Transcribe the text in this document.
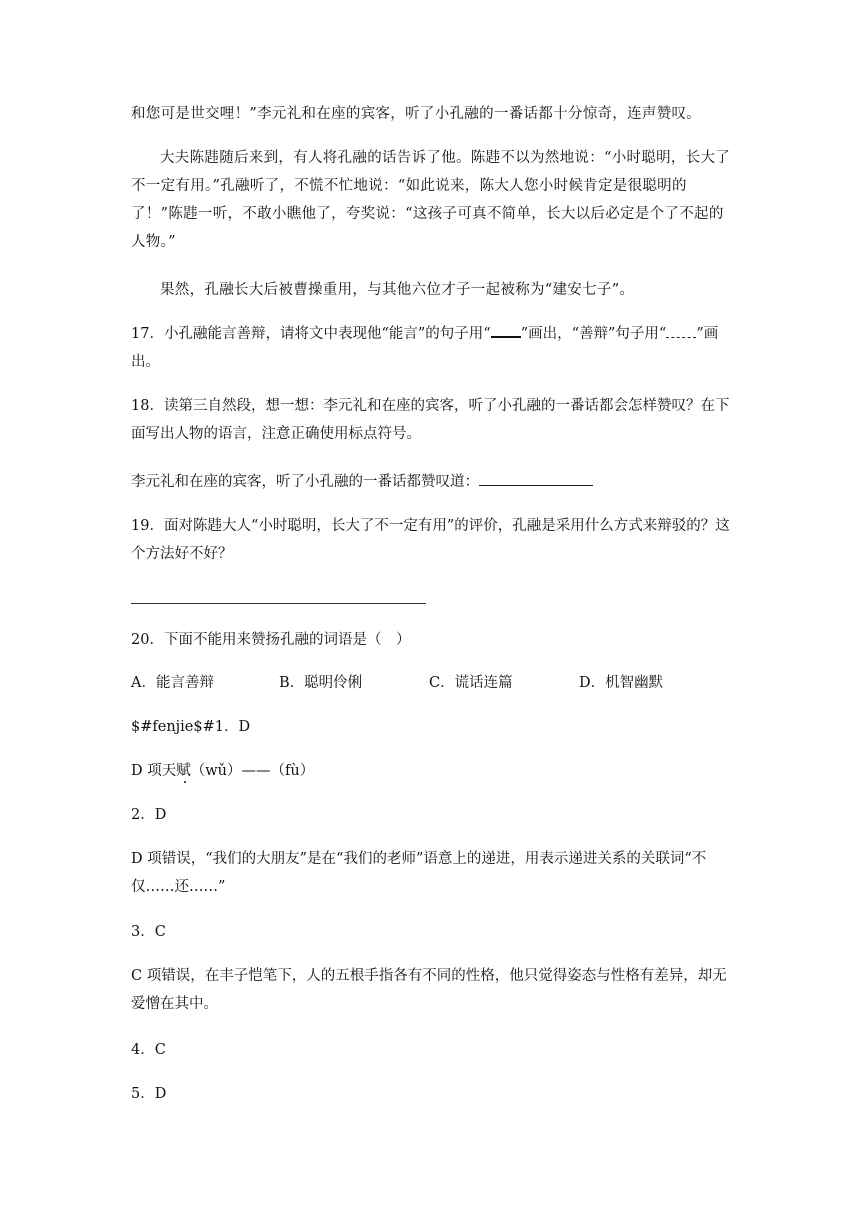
和您可是世交哩！”李元礼和在座的宾客，听了小孔融的一番话都十分惊奇，连声赞叹。

大夫陈韪随后来到，有人将孔融的话告诉了他。陈韪不以为然地说：“小时聪明，长大了不一定有用。”孔融听了，不慌不忙地说：“如此说来，陈大人您小时候肯定是很聪明的了！”陈韪一听，不敢小瞧他了，夸奖说：“这孩子可真不简单，长大以后必定是个了不起的人物。”

果然，孔融长大后被曹操重用，与其他六位才子一起被称为“建安七子”。

17．小孔融能言善辩，请将文中表现他“能言”的句子用“ ”画出，“善辩”句子用“ ”画出。

18．读第三自然段，想一想：李元礼和在座的宾客，听了小孔融的一番话都会怎样赞叹？在下面写出人物的语言，注意正确使用标点符号。

李元礼和在座的宾客，听了小孔融的一番话都赞叹道：

19．面对陈韪大人“小时聪明，长大了不一定有用”的评价，孔融是采用什么方式来辩驳的？这个方法好不好？

20．下面不能用来赞扬孔融的词语是（　）

A．能言善辩	B．聪明伶俐	C．谎话连篇	D．机智幽默

$#fenjie$#1．D

D 项天赋（wǔ）——（fù）

2．D

D 项错误，“我们的大朋友”是在“我们的老师”语意上的递进，用表示递进关系的关联词“不仅……还……”

3．C

C 项错误，在丰子恺笔下，人的五根手指各有不同的性格，他只觉得姿态与性格有差异，却无爱憎在其中。

4．C

5．D
